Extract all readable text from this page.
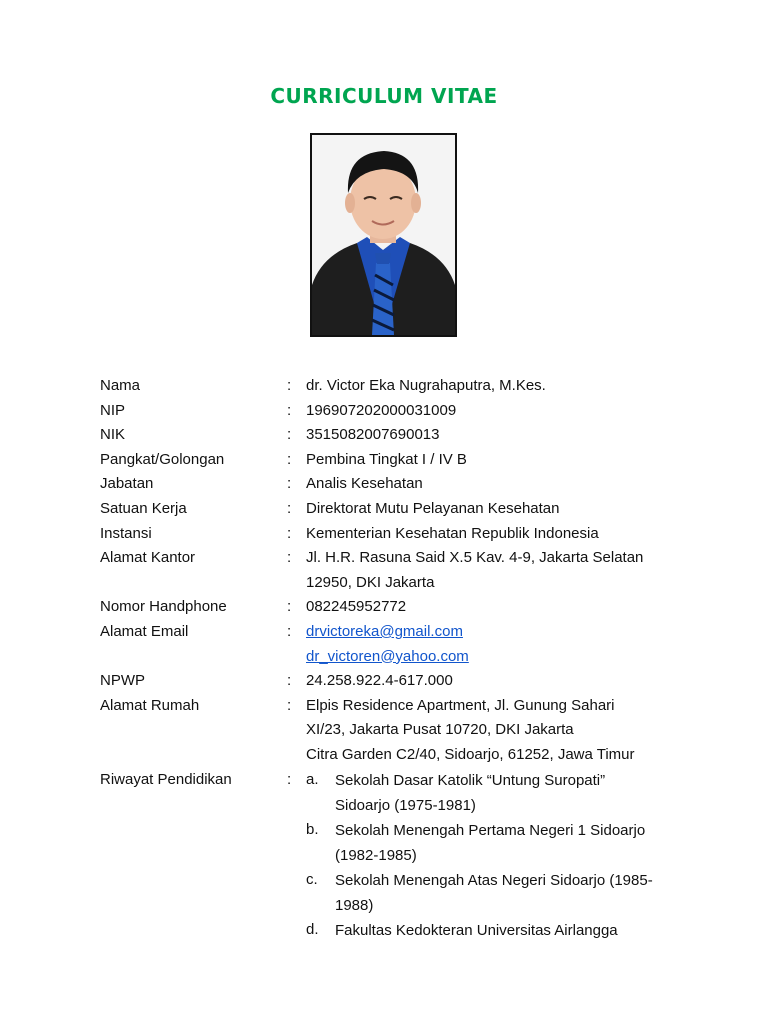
CURRICULUM VITAE
Nama	: dr. Victor Eka Nugrahaputra, M.Kes.
NIP	: 196907202000031009
NIK	: 3515082007690013
Pangkat/Golongan	: Pembina Tingkat I / IV B
Jabatan	: Analis Kesehatan
Satuan Kerja	: Direktorat Mutu Pelayanan Kesehatan
Instansi	: Kementerian Kesehatan Republik Indonesia
Alamat Kantor	: Jl. H.R. Rasuna Said X.5 Kav. 4-9, Jakarta Selatan
12950, DKI Jakarta
Nomor Handphone	: 082245952772
Alamat Email	: drvictoreka@gmail.com
dr_victoren@yahoo.com
NPWP	: 24.258.922.4-617.000
Alamat Rumah	: Elpis Residence Apartment, Jl. Gunung Sahari
XI/23, Jakarta Pusat 10720, DKI Jakarta
Citra Garden C2/40, Sidoarjo, 61252, Jawa Timur
Riwayat Pendidikan	: a.	Sekolah Dasar Katolik “Untung Suropati”
Sidoarjo (1975-1981)
b.	Sekolah Menengah Pertama Negeri 1 Sidoarjo
(1982-1985)
c.	Sekolah Menengah Atas Negeri Sidoarjo (1985-
1988)
d.	Fakultas Kedokteran Universitas Airlangga
